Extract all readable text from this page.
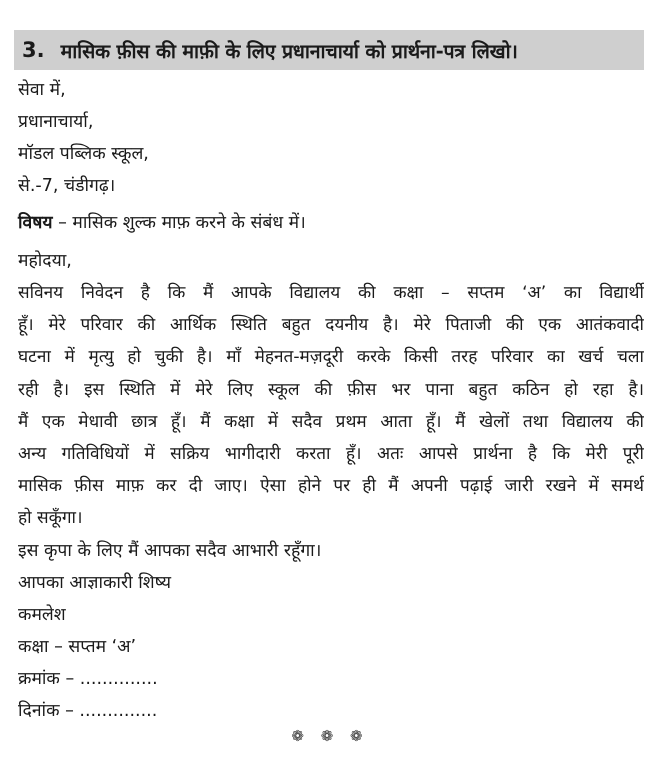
3. मासिक फ़ीस की माफ़ी के लिए प्रधानाचार्या को प्रार्थना-पत्र लिखो।
सेवा में,
प्रधानाचार्या,
मॉडल पब्लिक स्कूल,
से.-7, चंडीगढ़।
विषय – मासिक शुल्क माफ़ करने के संबंध में।
महोदया,
सविनय निवेदन है कि मैं आपके विद्यालय की कक्षा – सप्तम ‘अ’ का विद्यार्थी
हूँ। मेरे परिवार की आर्थिक स्थिति बहुत दयनीय है। मेरे पिताजी की एक आतंकवादी
घटना में मृत्यु हो चुकी है। माँ मेहनत-मज़दूरी करके किसी तरह परिवार का खर्च चला
रही है। इस स्थिति में मेरे लिए स्कूल की फ़ीस भर पाना बहुत कठिन हो रहा है।
मैं एक मेधावी छात्र हूँ। मैं कक्षा में सदैव प्रथम आता हूँ। मैं खेलों तथा विद्यालय की
अन्य गतिविधियों में सक्रिय भागीदारी करता हूँ। अतः आपसे प्रार्थना है कि मेरी पूरी
मासिक फ़ीस माफ़ कर दी जाए। ऐसा होने पर ही मैं अपनी पढ़ाई जारी रखने में समर्थ
हो सकूँगा।
इस कृपा के लिए मैं आपका सदैव आभारी रहूँगा।
आपका आज्ञाकारी शिष्य
कमलेश
कक्षा – सप्तम ‘अ’
क्रमांक – ..............
दिनांक – ..............
❁ ❁ ❁
